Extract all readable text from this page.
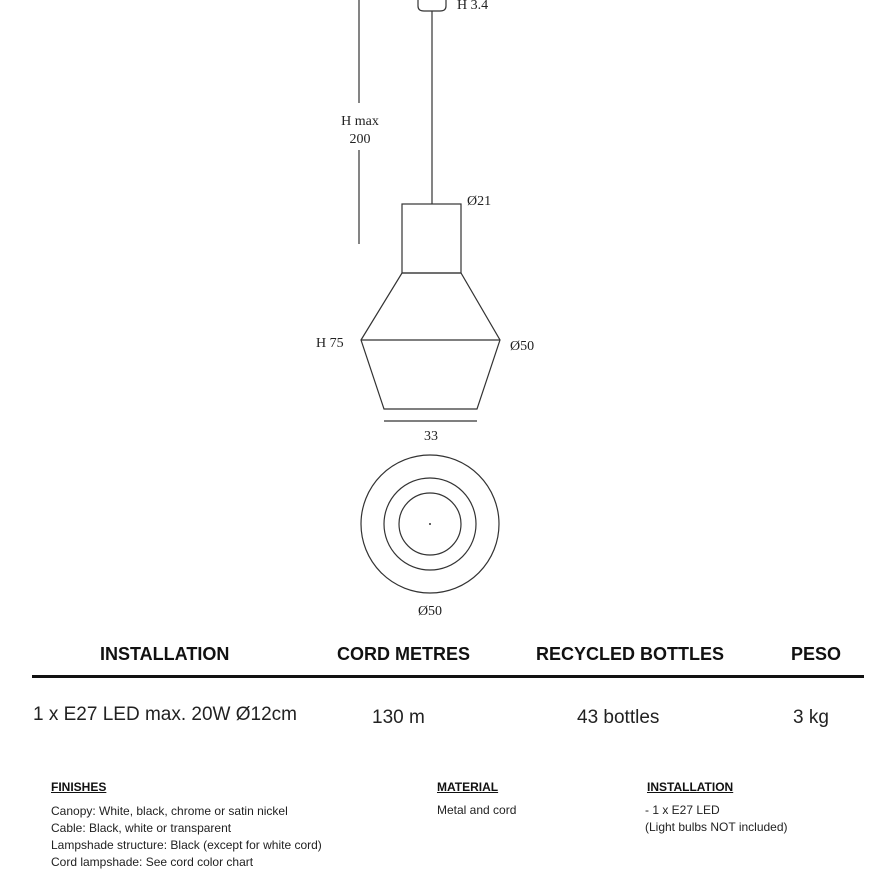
H max
200
H 3.4
Ø21
H 75	Ø50
33
Ø50
INSTALLATION	CORD METRES	RECYCLED BOTTLES	PESO
1 x E27 LED max. 20W Ø12cm	130 m	43 bottles	3 kg
FINISHES
Canopy: White, black, chrome or satin nickel
Cable: Black, white or transparent
Lampshade structure: Black (except for white cord)
Cord lampshade: See cord color chart
MATERIAL
Metal and cord
INSTALLATION
- 1 x E27 LED
(Light bulbs NOT included)
